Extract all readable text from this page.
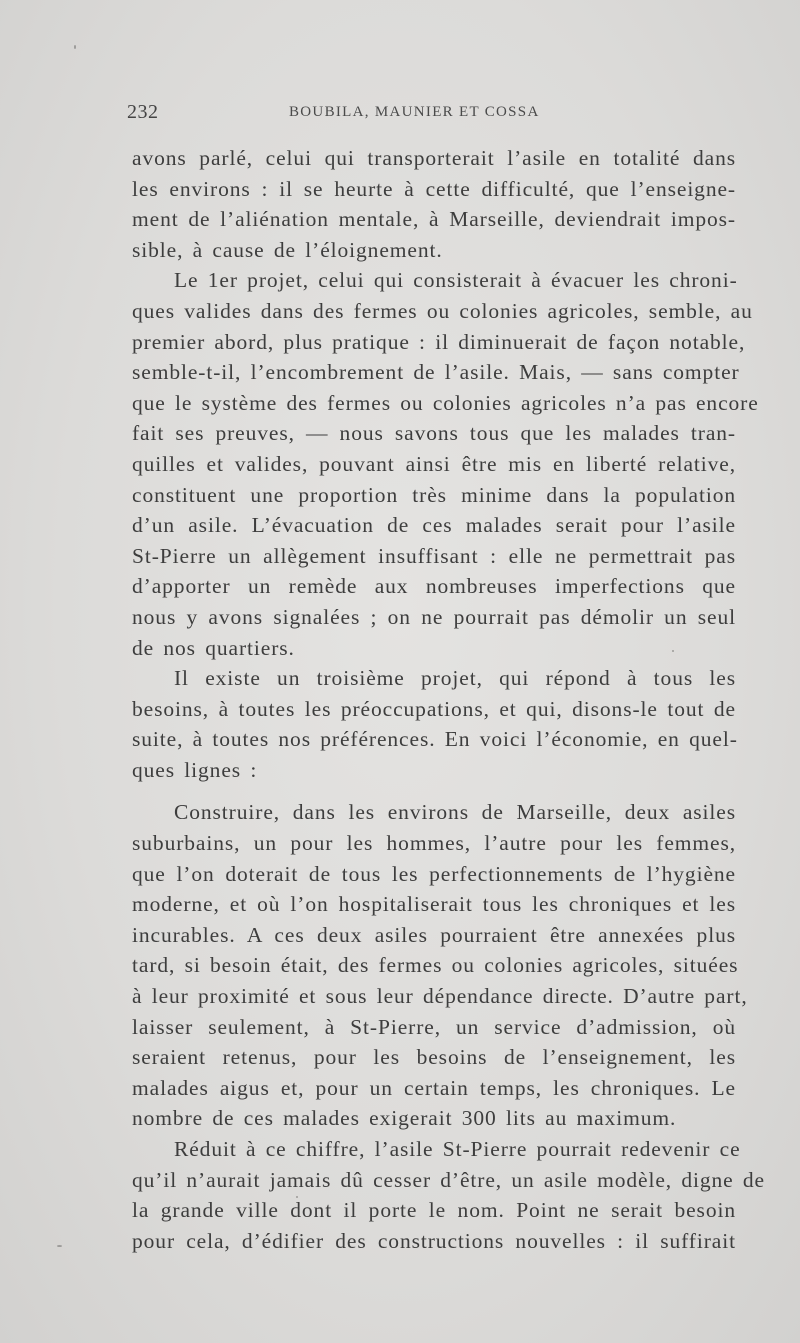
232	BOUBILA, MAUNIER ET COSSA
avons parlé, celui qui transporterait l’asile en totalité dans
les environs : il se heurte à cette difficulté, que l’enseigne-
ment de l’aliénation mentale, à Marseille, deviendrait impos-
sible, à cause de l’éloignement.
Le 1er projet, celui qui consisterait à évacuer les chroni-
ques valides dans des fermes ou colonies agricoles, semble, au
premier abord, plus pratique : il diminuerait de façon notable,
semble-t-il, l’encombrement de l’asile. Mais, — sans compter
que le système des fermes ou colonies agricoles n’a pas encore
fait ses preuves, — nous savons tous que les malades tran-
quilles et valides, pouvant ainsi être mis en liberté relative,
constituent une proportion très minime dans la population
d’un asile. L’évacuation de ces malades serait pour l’asile
St-Pierre un allègement insuffisant : elle ne permettrait pas
d’apporter un remède aux nombreuses imperfections que
nous y avons signalées ; on ne pourrait pas démolir un seul
de nos quartiers.
Il existe un troisième projet, qui répond à tous les
besoins, à toutes les préoccupations, et qui, disons-le tout de
suite, à toutes nos préférences. En voici l’économie, en quel-
ques lignes :
Construire, dans les environs de Marseille, deux asiles
suburbains, un pour les hommes, l’autre pour les femmes,
que l’on doterait de tous les perfectionnements de l’hygiène
moderne, et où l’on hospitaliserait tous les chroniques et les
incurables. A ces deux asiles pourraient être annexées plus
tard, si besoin était, des fermes ou colonies agricoles, situées
à leur proximité et sous leur dépendance directe. D’autre part,
laisser seulement, à St-Pierre, un service d’admission, où
seraient retenus, pour les besoins de l’enseignement, les
malades aigus et, pour un certain temps, les chroniques. Le
nombre de ces malades exigerait 300 lits au maximum.
Réduit à ce chiffre, l’asile St-Pierre pourrait redevenir ce
qu’il n’aurait jamais dû cesser d’être, un asile modèle, digne de
la grande ville dont il porte le nom. Point ne serait besoin
pour cela, d’édifier des constructions nouvelles : il suffirait
